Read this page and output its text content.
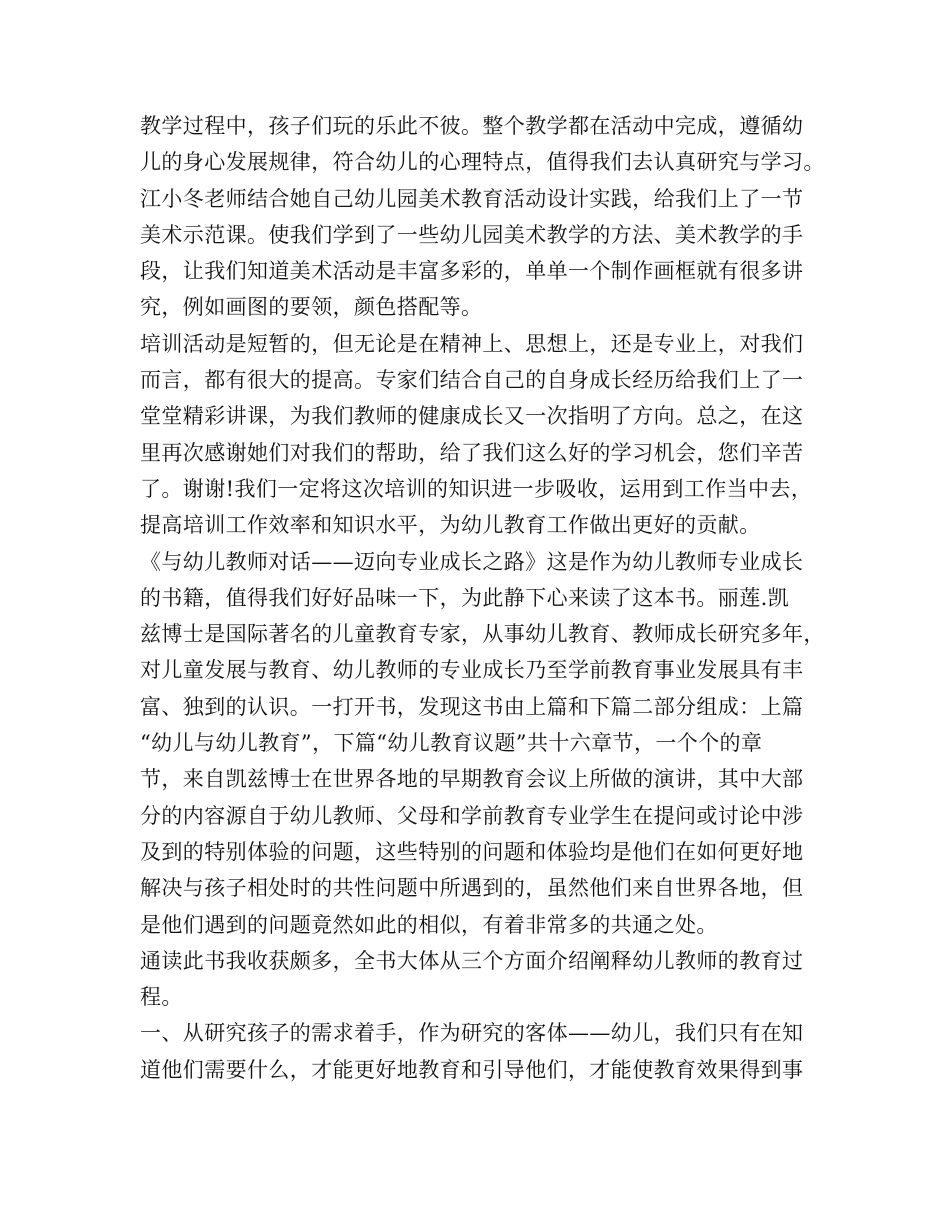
教学过程中，孩子们玩的乐此不彼。整个教学都在活动中完成，遵循幼
儿的身心发展规律，符合幼儿的心理特点，值得我们去认真研究与学习。
江小冬老师结合她自己幼儿园美术教育活动设计实践，给我们上了一节
美术示范课。使我们学到了一些幼儿园美术教学的方法、美术教学的手
段，让我们知道美术活动是丰富多彩的，单单一个制作画框就有很多讲
究，例如画图的要领，颜色搭配等。
培训活动是短暂的，但无论是在精神上、思想上，还是专业上，对我们
而言，都有很大的提高。专家们结合自己的自身成长经历给我们上了一
堂堂精彩讲课，为我们教师的健康成长又一次指明了方向。总之，在这
里再次感谢她们对我们的帮助，给了我们这么好的学习机会，您们辛苦
了。谢谢!我们一定将这次培训的知识进一步吸收，运用到工作当中去，
提高培训工作效率和知识水平，为幼儿教育工作做出更好的贡献。
《与幼儿教师对话——迈向专业成长之路》这是作为幼儿教师专业成长
的书籍，值得我们好好品味一下，为此静下心来读了这本书。丽莲.凯
兹博士是国际著名的儿童教育专家，从事幼儿教育、教师成长研究多年，
对儿童发展与教育、幼儿教师的专业成长乃至学前教育事业发展具有丰
富、独到的认识。一打开书，发现这书由上篇和下篇二部分组成：上篇
“幼儿与幼儿教育”，下篇“幼儿教育议题”共十六章节，一个个的章
节，来自凯兹博士在世界各地的早期教育会议上所做的演讲，其中大部
分的内容源自于幼儿教师、父母和学前教育专业学生在提问或讨论中涉
及到的特别体验的问题，这些特别的问题和体验均是他们在如何更好地
解决与孩子相处时的共性问题中所遇到的，虽然他们来自世界各地，但
是他们遇到的问题竟然如此的相似，有着非常多的共通之处。
通读此书我收获颇多，全书大体从三个方面介绍阐释幼儿教师的教育过
程。
一、从研究孩子的需求着手，作为研究的客体——幼儿，我们只有在知
道他们需要什么，才能更好地教育和引导他们，才能使教育效果得到事
